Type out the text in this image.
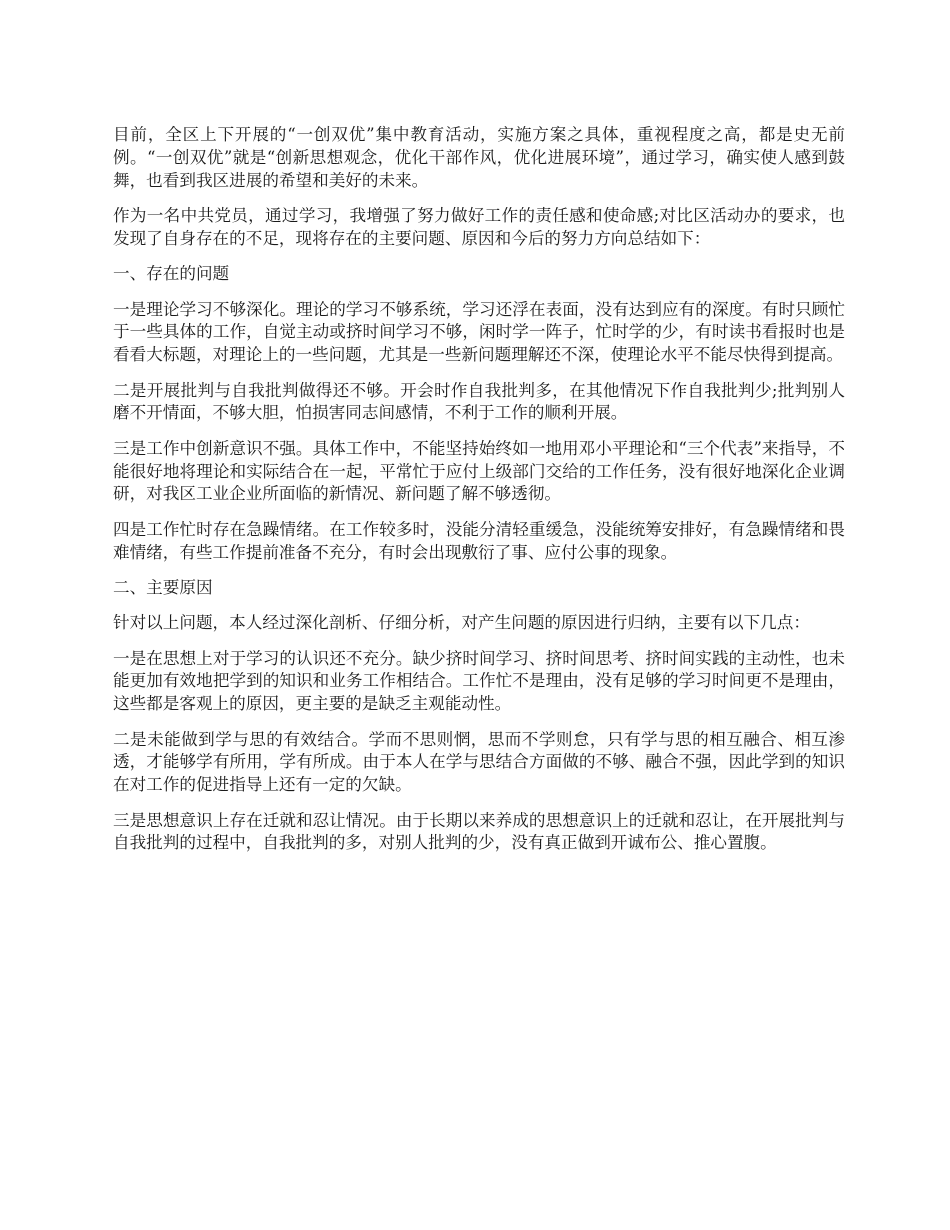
目前，全区上下开展的“一创双优”集中教育活动，实施方案之具体，重视程度之高，都是史无前例。“一创双优”就是“创新思想观念，优化干部作风，优化进展环境”，通过学习，确实使人感到鼓舞，也看到我区进展的希望和美好的未来。

作为一名中共党员，通过学习，我增强了努力做好工作的责任感和使命感;对比区活动办的要求，也发现了自身存在的不足，现将存在的主要问题、原因和今后的努力方向总结如下：

一、存在的问题

一是理论学习不够深化。理论的学习不够系统，学习还浮在表面，没有达到应有的深度。有时只顾忙于一些具体的工作，自觉主动或挤时间学习不够，闲时学一阵子，忙时学的少，有时读书看报时也是看看大标题，对理论上的一些问题，尤其是一些新问题理解还不深，使理论水平不能尽快得到提高。

二是开展批判与自我批判做得还不够。开会时作自我批判多，在其他情况下作自我批判少;批判别人磨不开情面，不够大胆，怕损害同志间感情，不利于工作的顺利开展。

三是工作中创新意识不强。具体工作中，不能坚持始终如一地用邓小平理论和“三个代表”来指导，不能很好地将理论和实际结合在一起，平常忙于应付上级部门交给的工作任务，没有很好地深化企业调研，对我区工业企业所面临的新情况、新问题了解不够透彻。

四是工作忙时存在急躁情绪。在工作较多时，没能分清轻重缓急，没能统筹安排好，有急躁情绪和畏难情绪，有些工作提前准备不充分，有时会出现敷衍了事、应付公事的现象。

二、主要原因

针对以上问题，本人经过深化剖析、仔细分析，对产生问题的原因进行归纳，主要有以下几点：

一是在思想上对于学习的认识还不充分。缺少挤时间学习、挤时间思考、挤时间实践的主动性，也未能更加有效地把学到的知识和业务工作相结合。工作忙不是理由，没有足够的学习时间更不是理由，这些都是客观上的原因，更主要的是缺乏主观能动性。

二是未能做到学与思的有效结合。学而不思则惘，思而不学则怠，只有学与思的相互融合、相互渗透，才能够学有所用，学有所成。由于本人在学与思结合方面做的不够、融合不强，因此学到的知识在对工作的促进指导上还有一定的欠缺。

三是思想意识上存在迁就和忍让情况。由于长期以来养成的思想意识上的迁就和忍让，在开展批判与自我批判的过程中，自我批判的多，对别人批判的少，没有真正做到开诚布公、推心置腹。
